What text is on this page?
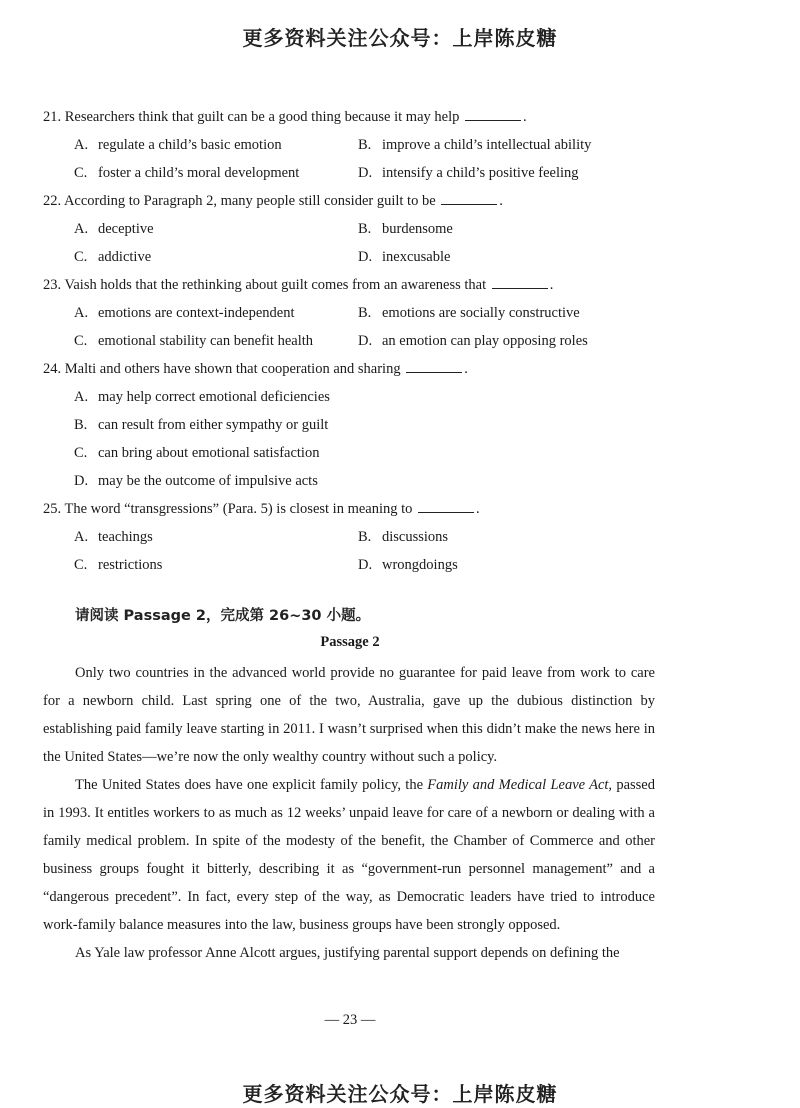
更多资料关注公众号：上岸陈皮糖
21. Researchers think that guilt can be a good thing because it may help	.
A. regulate a child’s basic emotion	B. improve a child’s intellectual ability
C. foster a child’s moral development	D. intensify a child’s positive feeling
22. According to Paragraph 2, many people still consider guilt to be	.
A. deceptive	B. burdensome
C. addictive	D. inexcusable
23. Vaish holds that the rethinking about guilt comes from an awareness that	.
A. emotions are context-independent	B. emotions are socially constructive
C. emotional stability can benefit health	D. an emotion can play opposing roles
24. Malti and others have shown that cooperation and sharing	.
A. may help correct emotional deficiencies
B. can result from either sympathy or guilt
C. can bring about emotional satisfaction
D. may be the outcome of impulsive acts
25. The word “transgressions” (Para. 5) is closest in meaning to	.
A. teachings	B. discussions
C. restrictions	D. wrongdoings
请阅读 Passage 2，完成第 26~30 小题。
Passage 2

Only two countries in the advanced world provide no guarantee for paid leave from work to care for a newborn child. Last spring one of the two, Australia, gave up the dubious distinction by establishing paid family leave starting in 2011. I wasn’t surprised when this didn’t make the news here in the United States—we’re now the only wealthy country without such a policy.

The United States does have one explicit family policy, the Family and Medical Leave Act, passed in 1993. It entitles workers to as much as 12 weeks’ unpaid leave for care of a newborn or dealing with a family medical problem. In spite of the modesty of the benefit, the Chamber of Commerce and other business groups fought it bitterly, describing it as “government-run personnel management” and a “dangerous precedent”. In fact, every step of the way, as Democratic leaders have tried to introduce work-family balance measures into the law, business groups have been strongly opposed.

As Yale law professor Anne Alcott argues, justifying parental support depends on defining the

— 23 —
更多资料关注公众号：上岸陈皮糖
